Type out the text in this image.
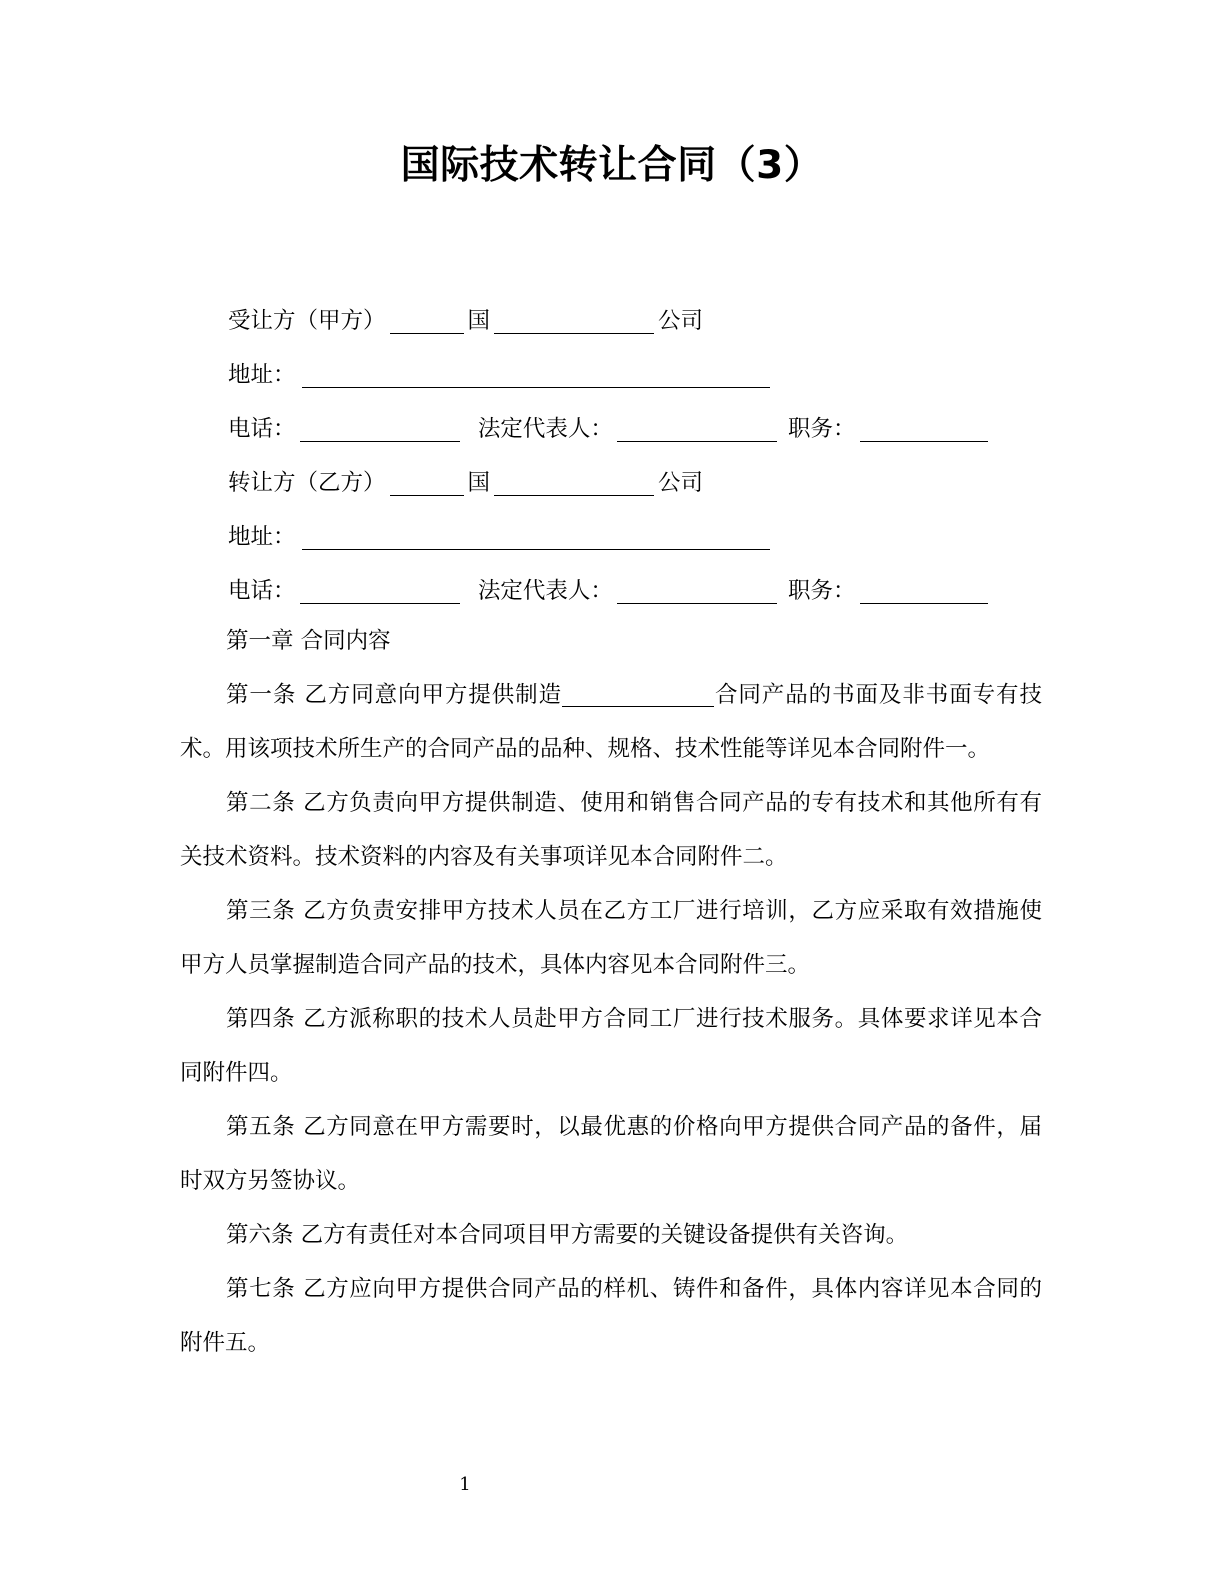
国际技术转让合同（3）
受让方（甲方）	国	公司
地址：
电话：	法定代表人：	职务：
转让方（乙方）	国	公司
地址：
电话：	法定代表人：	职务：

第一章 合同内容

第一条 乙方同意向甲方提供制造	合同产品的书面及非书面专有技术。用该项技术所生产的合同产品的品种、规格、技术性能等详见本合同附件一。

第二条 乙方负责向甲方提供制造、使用和销售合同产品的专有技术和其他所有有关技术资料。技术资料的内容及有关事项详见本合同附件二。

第三条 乙方负责安排甲方技术人员在乙方工厂进行培训，乙方应采取有效措施使甲方人员掌握制造合同产品的技术，具体内容见本合同附件三。

第四条 乙方派称职的技术人员赴甲方合同工厂进行技术服务。具体要求详见本合同附件四。

第五条 乙方同意在甲方需要时，以最优惠的价格向甲方提供合同产品的备件，届时双方另签协议。

第六条 乙方有责任对本合同项目甲方需要的关键设备提供有关咨询。

第七条 乙方应向甲方提供合同产品的样机、铸件和备件，具体内容详见本合同的附件五。

1
